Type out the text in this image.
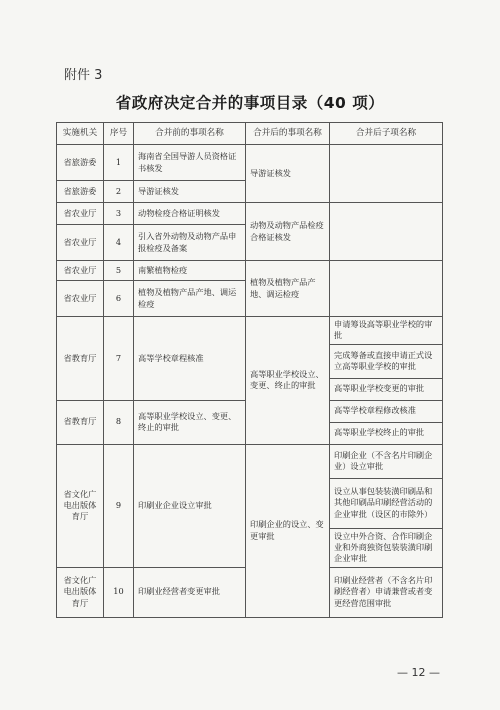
附件 3
省政府决定合并的事项目录（40 项）
实施机关	序号	合并前的事项名称	合并后的事项名称	合并后子项名称
省旅游委	1	海南省全国导游人员资格证书核发	导游证核发	
省旅游委	2	导游证核发		
省农业厅	3	动物检疫合格证明核发	动物及动物产品检疫合格证核发	
省农业厅	4	引入省外动物及动物产品申报检疫及备案		
省农业厅	5	南繁植物检疫	植物及植物产品产地、调运检疫	
省农业厅	6	植物及植物产品产地、调运检疫		
省教育厅	7	高等学校章程核准	高等职业学校设立、变更、终止的审批	申请筹设高等职业学校的审批
				完成筹备或直接申请正式设立高等职业学校的审批
				高等职业学校变更的审批
省教育厅	8	高等职业学校设立、变更、终止的审批		高等学校章程修改核准
				高等职业学校终止的审批
省文化广电出版体育厅	9	印刷业企业设立审批	印刷企业的设立、变更审批	印刷企业（不含名片印刷企业）设立审批
				设立从事包装装潢印刷品和其他印刷品印刷经营活动的企业审批（设区的市除外）
				设立中外合资、合作印刷企业和外商独资包装装潢印刷企业审批
省文化广电出版体育厅	10	印刷业经营者变更审批		印刷业经营者（不含名片印刷经营者）申请兼营或者变更经营范围审批
— 12 —
